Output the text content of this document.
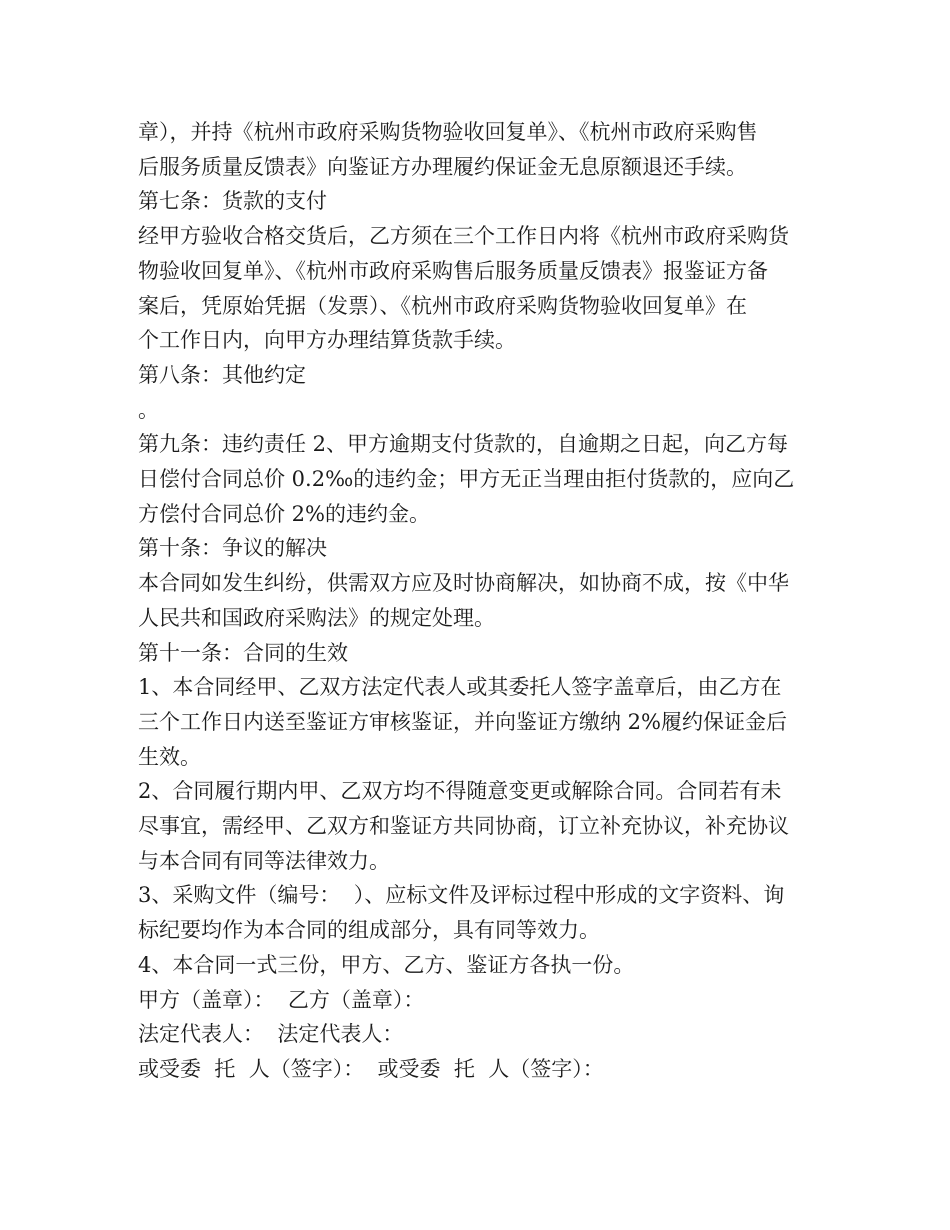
章），并持《杭州市政府采购货物验收回复单》、《杭州市政府采购售
后服务质量反馈表》向鉴证方办理履约保证金无息原额退还手续。

第七条：货款的支付

经甲方验收合格交货后，乙方须在三个工作日内将《杭州市政府采购货
物验收回复单》、《杭州市政府采购售后服务质量反馈表》报鉴证方备
案后，凭原始凭据（发票）、《杭州市政府采购货物验收回复单》在
个工作日内，向甲方办理结算货款手续。

第八条：其他约定

。

第九条：违约责任 2、甲方逾期支付货款的，自逾期之日起，向乙方每
日偿付合同总价 0.2‰的违约金；甲方无正当理由拒付货款的，应向乙
方偿付合同总价 2%的违约金。

第十条：争议的解决

本合同如发生纠纷，供需双方应及时协商解决，如协商不成，按《中华
人民共和国政府采购法》的规定处理。

第十一条：合同的生效

1、本合同经甲、乙双方法定代表人或其委托人签字盖章后，由乙方在
三个工作日内送至鉴证方审核鉴证，并向鉴证方缴纳 2%履约保证金后
生效。

2、合同履行期内甲、乙双方均不得随意变更或解除合同。合同若有未
尽事宜，需经甲、乙双方和鉴证方共同协商，订立补充协议，补充协议
与本合同有同等法律效力。

3、采购文件（编号：  ）、应标文件及评标过程中形成的文字资料、询
标纪要均作为本合同的组成部分，具有同等效力。

4、本合同一式三份，甲方、乙方、鉴证方各执一份。

甲方（盖章）：  乙方（盖章）：

法定代表人：  法定代表人：

或受委  托  人（签字）：  或受委  托  人（签字）：
